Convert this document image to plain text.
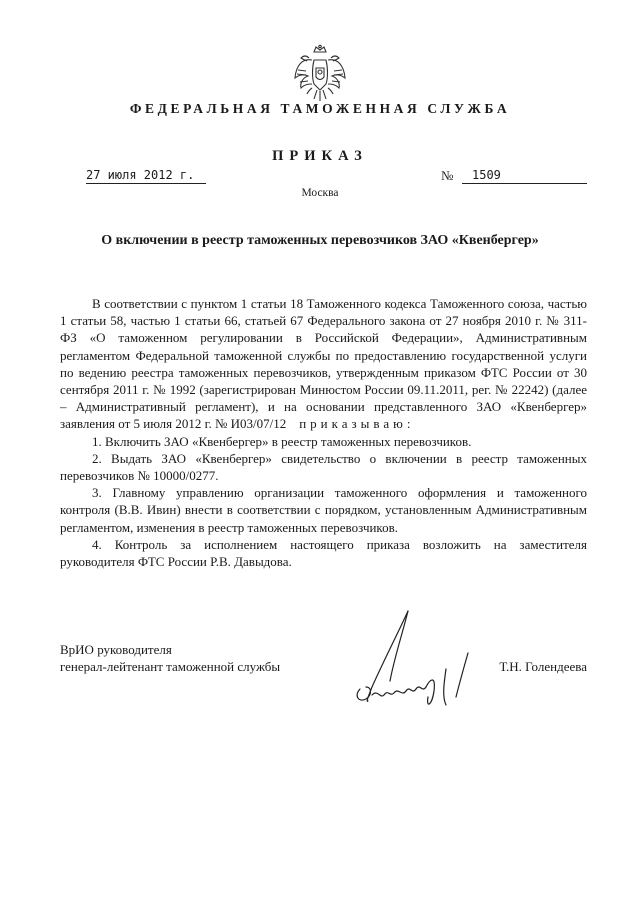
ФЕДЕРАЛЬНАЯ ТАМОЖЕННАЯ СЛУЖБА
ПРИКАЗ
27 июля 2012 г.	№	1509
Москва
О включении в реестр таможенных перевозчиков ЗАО «Квенбергер»

В соответствии с пунктом 1 статьи 18 Таможенного кодекса Таможенного союза, частью 1 статьи 58, частью 1 статьи 66, статьей 67 Федерального закона от 27 ноября 2010 г. № 311-ФЗ «О таможенном регулировании в Российской Федерации», Административным регламентом Федеральной таможенной службы по предоставлению государственной услуги по ведению реестра таможенных перевозчиков, утвержденным приказом ФТС России от 30 сентября 2011 г. № 1992 (зарегистрирован Минюстом России 09.11.2011, рег. № 22242) (далее – Административный регламент), и на основании представленного ЗАО «Квенбергер» заявления от 5 июля 2012 г. № И03/07/12 приказываю:

1. Включить ЗАО «Квенбергер» в реестр таможенных перевозчиков.

2. Выдать ЗАО «Квенбергер» свидетельство о включении в реестр таможенных перевозчиков № 10000/0277.

3. Главному управлению организации таможенного оформления и таможенного контроля (В.В. Ивин) внести в соответствии с порядком, установленным Административным регламентом, изменения в реестр таможенных перевозчиков.

4. Контроль за исполнением настоящего приказа возложить на заместителя руководителя ФТС России Р.В. Давыдова.

ВрИО руководителя
генерал-лейтенант таможенной службы	Т.Н. Голендеева
